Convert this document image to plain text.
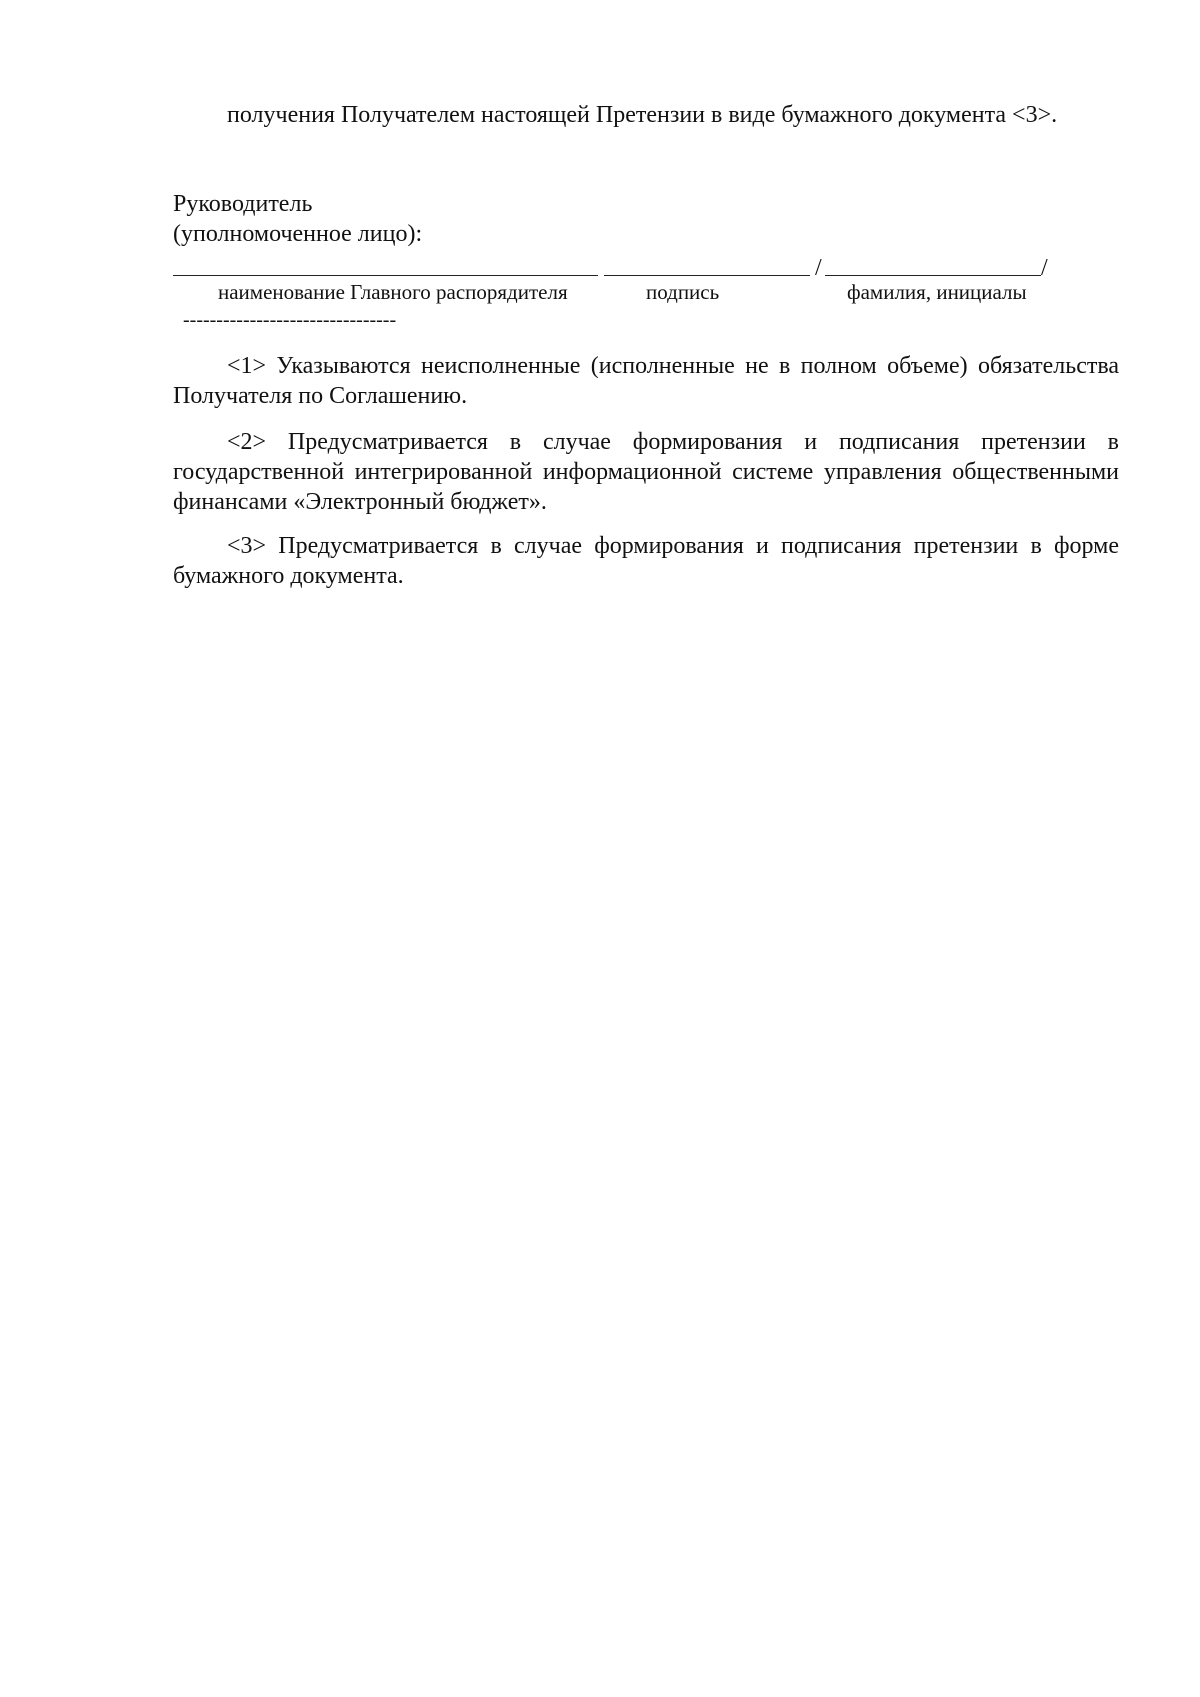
получения Получателем настоящей Претензии в виде бумажного документа <3>.

Руководитель

(уполномоченное лицо):

/	/
наименование Главного распорядителя	подпись	фамилия, инициалы
--------------------------------

<1> Указываются неисполненные (исполненные не в полном объеме) обязательства Получателя по Соглашению.

<2> Предусматривается в случае формирования и подписания претензии в государственной интегрированной информационной системе управления общественными финансами «Электронный бюджет».

<3> Предусматривается в случае формирования и подписания претензии в форме бумажного документа.
